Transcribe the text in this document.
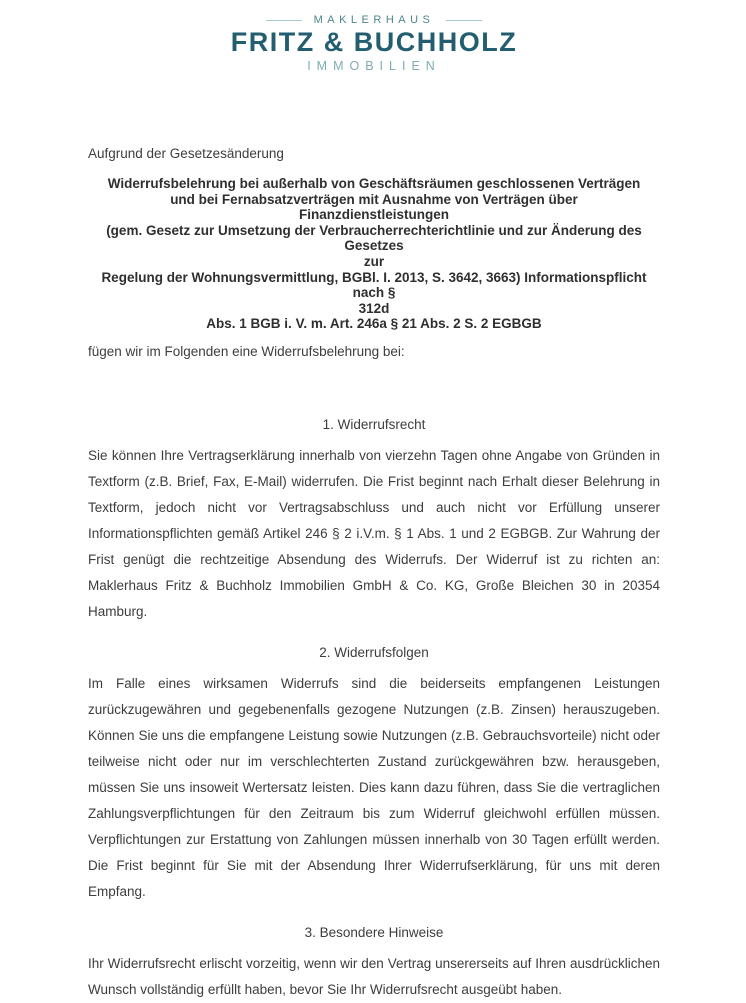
MAKLERHAUS
FRITZ & BUCHHOLZ
IMMOBILIEN

Aufgrund der Gesetzesänderung

Widerrufsbelehrung bei außerhalb von Geschäftsräumen geschlossenen Verträgen
und bei Fernabsatzverträgen mit Ausnahme von Verträgen über
Finanzdienstleistungen
(gem. Gesetz zur Umsetzung der Verbraucherrechterichtlinie und zur Änderung des Gesetzes
zur
Regelung der Wohnungsvermittlung, BGBl. I. 2013, S. 3642, 3663) Informationspflicht nach §
312d
Abs. 1 BGB i. V. m. Art. 246a § 21 Abs. 2 S. 2 EGBGB

fügen wir im Folgenden eine Widerrufsbelehrung bei:

1. Widerrufsrecht

Sie können Ihre Vertragserklärung innerhalb von vierzehn Tagen ohne Angabe von Gründen in Textform (z.B. Brief, Fax, E-Mail) widerrufen. Die Frist beginnt nach Erhalt dieser Belehrung in Textform, jedoch nicht vor Vertragsabschluss und auch nicht vor Erfüllung unserer Informationspflichten gemäß Artikel 246 § 2 i.V.m. § 1 Abs. 1 und 2 EGBGB. Zur Wahrung der Frist genügt die rechtzeitige Absendung des Widerrufs. Der Widerruf ist zu richten an: Maklerhaus Fritz & Buchholz Immobilien GmbH & Co. KG, Große Bleichen 30 in 20354 Hamburg.

2. Widerrufsfolgen

Im Falle eines wirksamen Widerrufs sind die beiderseits empfangenen Leistungen zurückzugewähren und gegebenenfalls gezogene Nutzungen (z.B. Zinsen) herauszugeben. Können Sie uns die empfangene Leistung sowie Nutzungen (z.B. Gebrauchsvorteile) nicht oder teilweise nicht oder nur im verschlechterten Zustand zurückgewähren bzw. herausgeben, müssen Sie uns insoweit Wertersatz leisten. Dies kann dazu führen, dass Sie die vertraglichen Zahlungsverpflichtungen für den Zeitraum bis zum Widerruf gleichwohl erfüllen müssen. Verpflichtungen zur Erstattung von Zahlungen müssen innerhalb von 30 Tagen erfüllt werden. Die Frist beginnt für Sie mit der Absendung Ihrer Widerrufserklärung, für uns mit deren Empfang.

3. Besondere Hinweise

Ihr Widerrufsrecht erlischt vorzeitig, wenn wir den Vertrag unsererseits auf Ihren ausdrücklichen Wunsch vollständig erfüllt haben, bevor Sie Ihr Widerrufsrecht ausgeübt haben.
